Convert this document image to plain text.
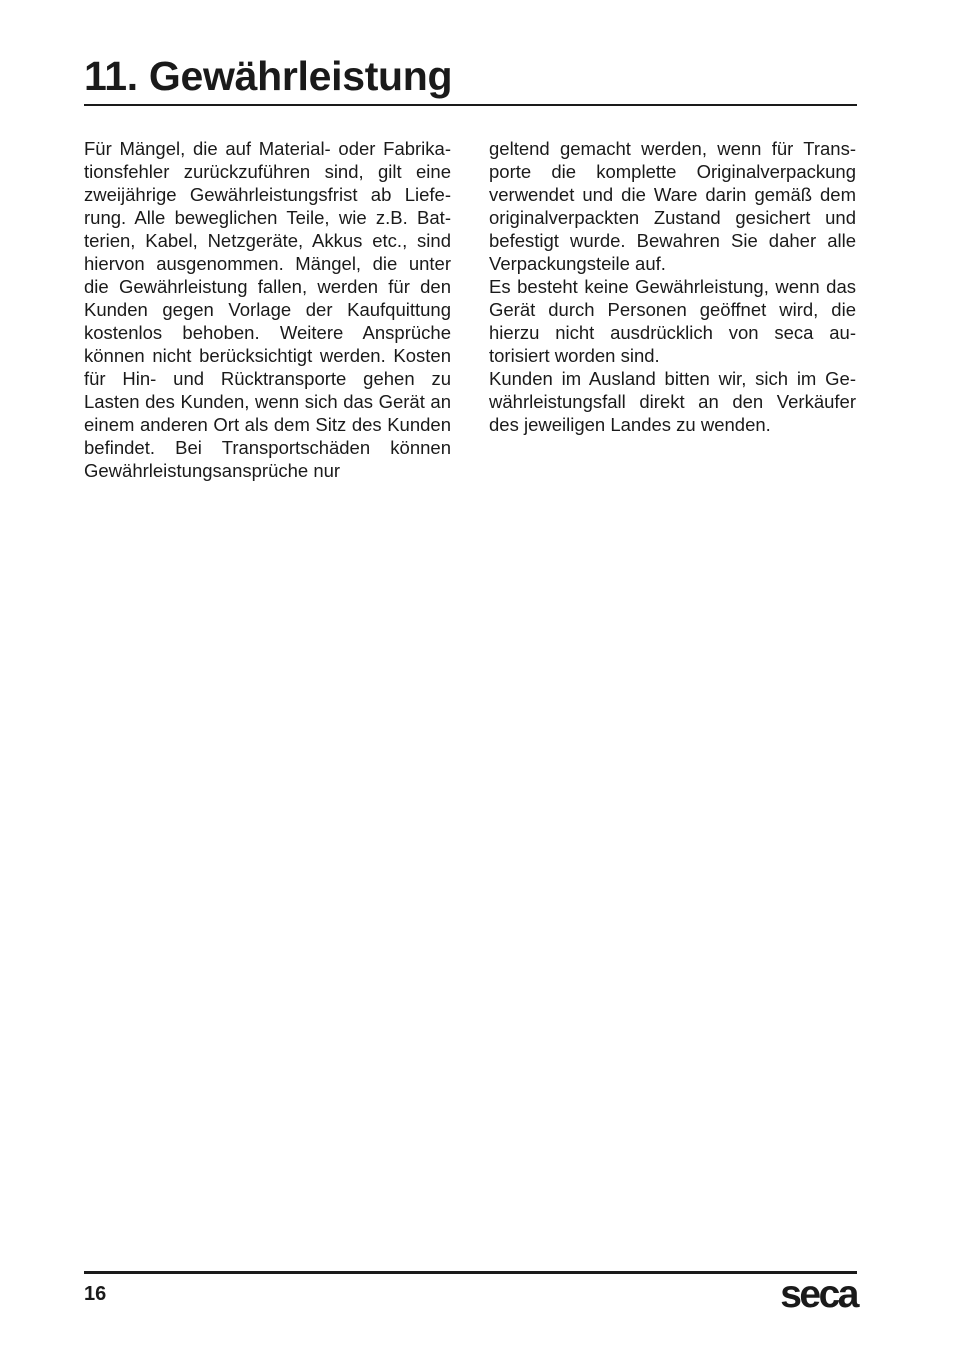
11. Gewährleistung

Für Mängel, die auf Material- oder Fabrikationsfehler zurückzuführen sind, gilt eine zweijährige Gewährleistungsfrist ab Lieferung. Alle beweglichen Teile, wie z.B. Batterien, Kabel, Netzgeräte, Akkus etc., sind hiervon ausgenommen. Mängel, die unter die Gewährleistung fallen, werden für den Kunden gegen Vorlage der Kaufquittung kostenlos behoben. Weitere Ansprüche können nicht berücksichtigt werden. Kosten für Hin- und Rücktransporte gehen zu Lasten des Kunden, wenn sich das Gerät an einem anderen Ort als dem Sitz des Kunden befindet. Bei Transportschäden können Gewährleistungsansprüche nur

geltend gemacht werden, wenn für Transporte die komplette Originalverpackung verwendet und die Ware darin gemäß dem originalverpackten Zustand gesichert und befestigt wurde. Bewahren Sie daher alle Verpackungsteile auf.

Es besteht keine Gewährleistung, wenn das Gerät durch Personen geöffnet wird, die hierzu nicht ausdrücklich von seca autorisiert worden sind.

Kunden im Ausland bitten wir, sich im Gewährleistungsfall direkt an den Verkäufer des jeweiligen Landes zu wenden.

16	seca
